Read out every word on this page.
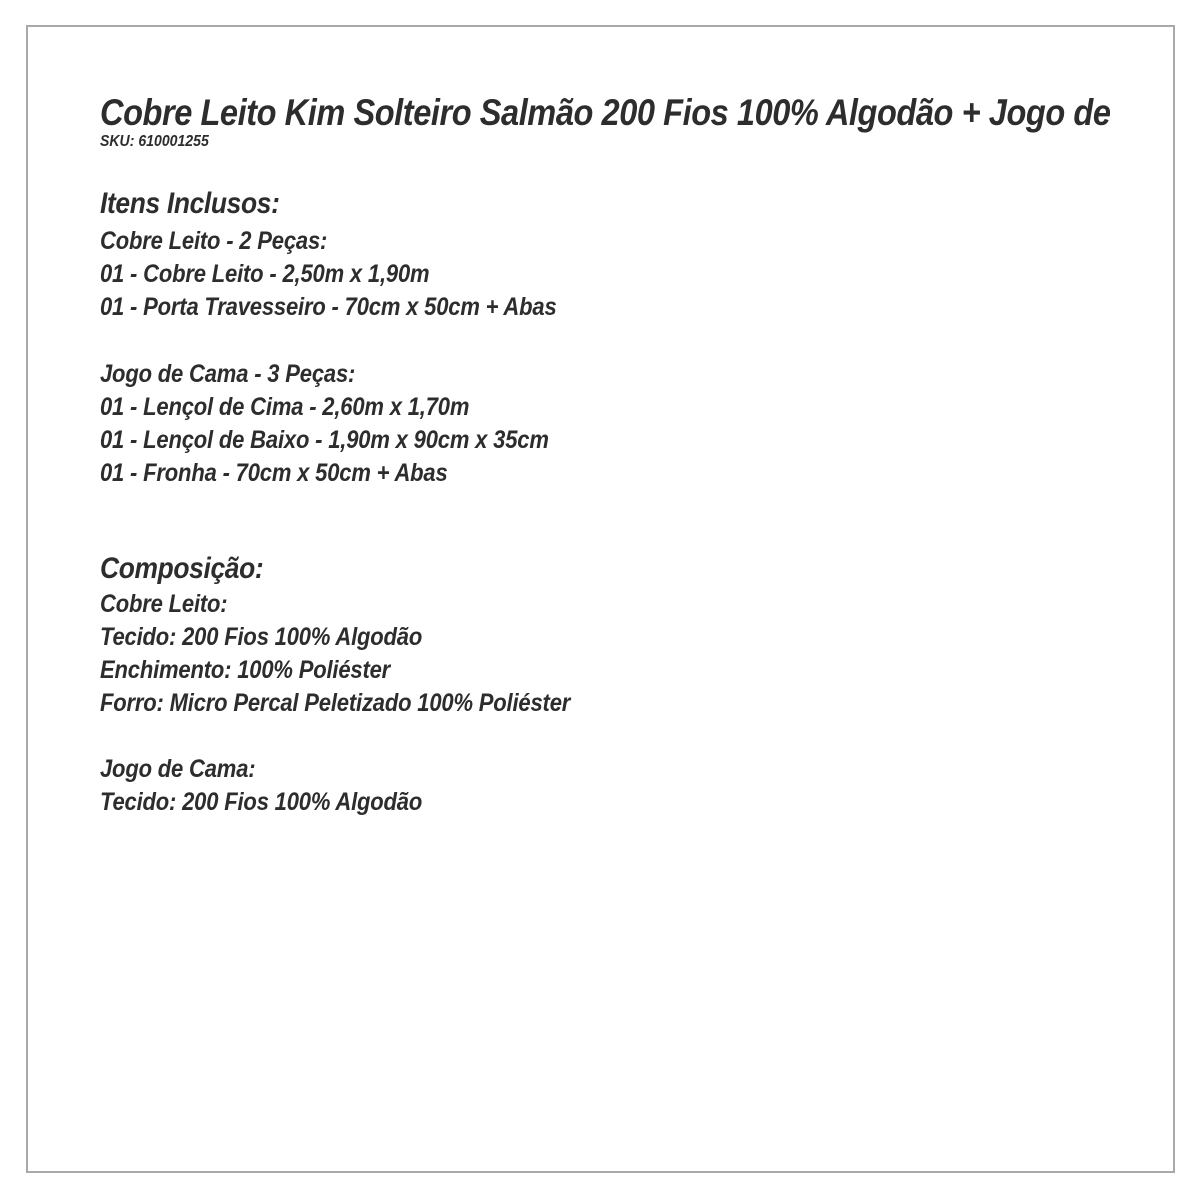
Cobre Leito Kim Solteiro Salmão 200 Fios 100% Algodão + Jogo de
SKU: 610001255
Itens Inclusos:
Cobre Leito - 2 Peças:
01 - Cobre Leito - 2,50m x 1,90m
01 - Porta Travesseiro - 70cm x 50cm + Abas
Jogo de Cama - 3 Peças:
01 - Lençol de Cima - 2,60m x 1,70m
01 - Lençol de Baixo - 1,90m x 90cm x 35cm
01 - Fronha - 70cm x 50cm + Abas
Composição:
Cobre Leito:
Tecido: 200 Fios 100% Algodão
Enchimento: 100% Poliéster
Forro: Micro Percal Peletizado 100% Poliéster
Jogo de Cama:
Tecido: 200 Fios 100% Algodão
